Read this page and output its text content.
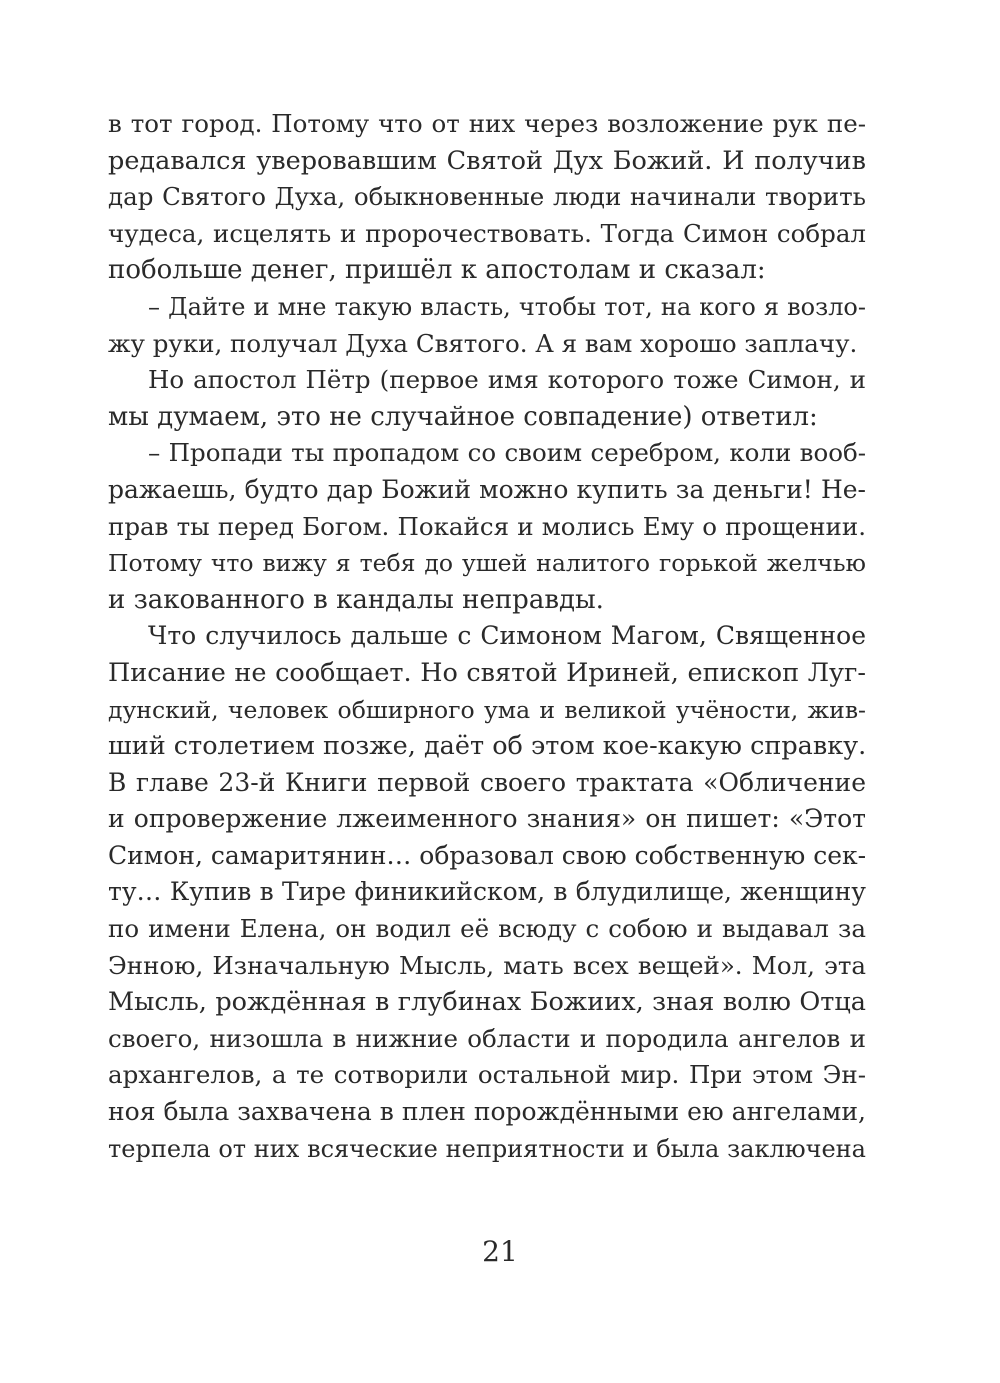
в тот город. Потому что от них через возложение рук пе-
редавался уверовавшим Святой Дух Божий. И получив
дар Святого Духа, обыкновенные люди начинали творить
чудеса, исцелять и пророчествовать. Тогда Симон собрал
побольше денег, пришёл к апостолам и сказал:
– Дайте и мне такую власть, чтобы тот, на кого я возло-
жу руки, получал Духа Святого. А я вам хорошо заплачу.
Но апостол Пётр (первое имя которого тоже Симон, и
мы думаем, это не случайное совпадение) ответил:
– Пропади ты пропадом со своим серебром, коли вооб-
ражаешь, будто дар Божий можно купить за деньги! Не-
прав ты перед Богом. Покайся и молись Ему о прощении.
Потому что вижу я тебя до ушей налитого горькой желчью
и закованного в кандалы неправды.
Что случилось дальше с Симоном Магом, Священное
Писание не сообщает. Но святой Ириней, епископ Луг-
дунский, человек обширного ума и великой учёности, жив-
ший столетием позже, даёт об этом кое-какую справку.
В главе 23-й Книги первой своего трактата «Обличение
и опровержение лжеименного знания» он пишет: «Этот
Симон, самаритянин… образовал свою собственную сек-
ту… Купив в Тире финикийском, в блудилище, женщину
по имени Елена, он водил её всюду с собою и выдавал за
Эннoю, Изначальную Мысль, мать всех вещей». Мол, эта
Мысль, рождённая в глубинах Божиих, зная волю Отца
своего, низошла в нижние области и породила ангелов и
архангелов, а те сотворили остальной мир. При этом Эн-
ноя была захвачена в плен порождёнными ею ангелами,
терпела от них всяческие неприятности и была заключена
21
